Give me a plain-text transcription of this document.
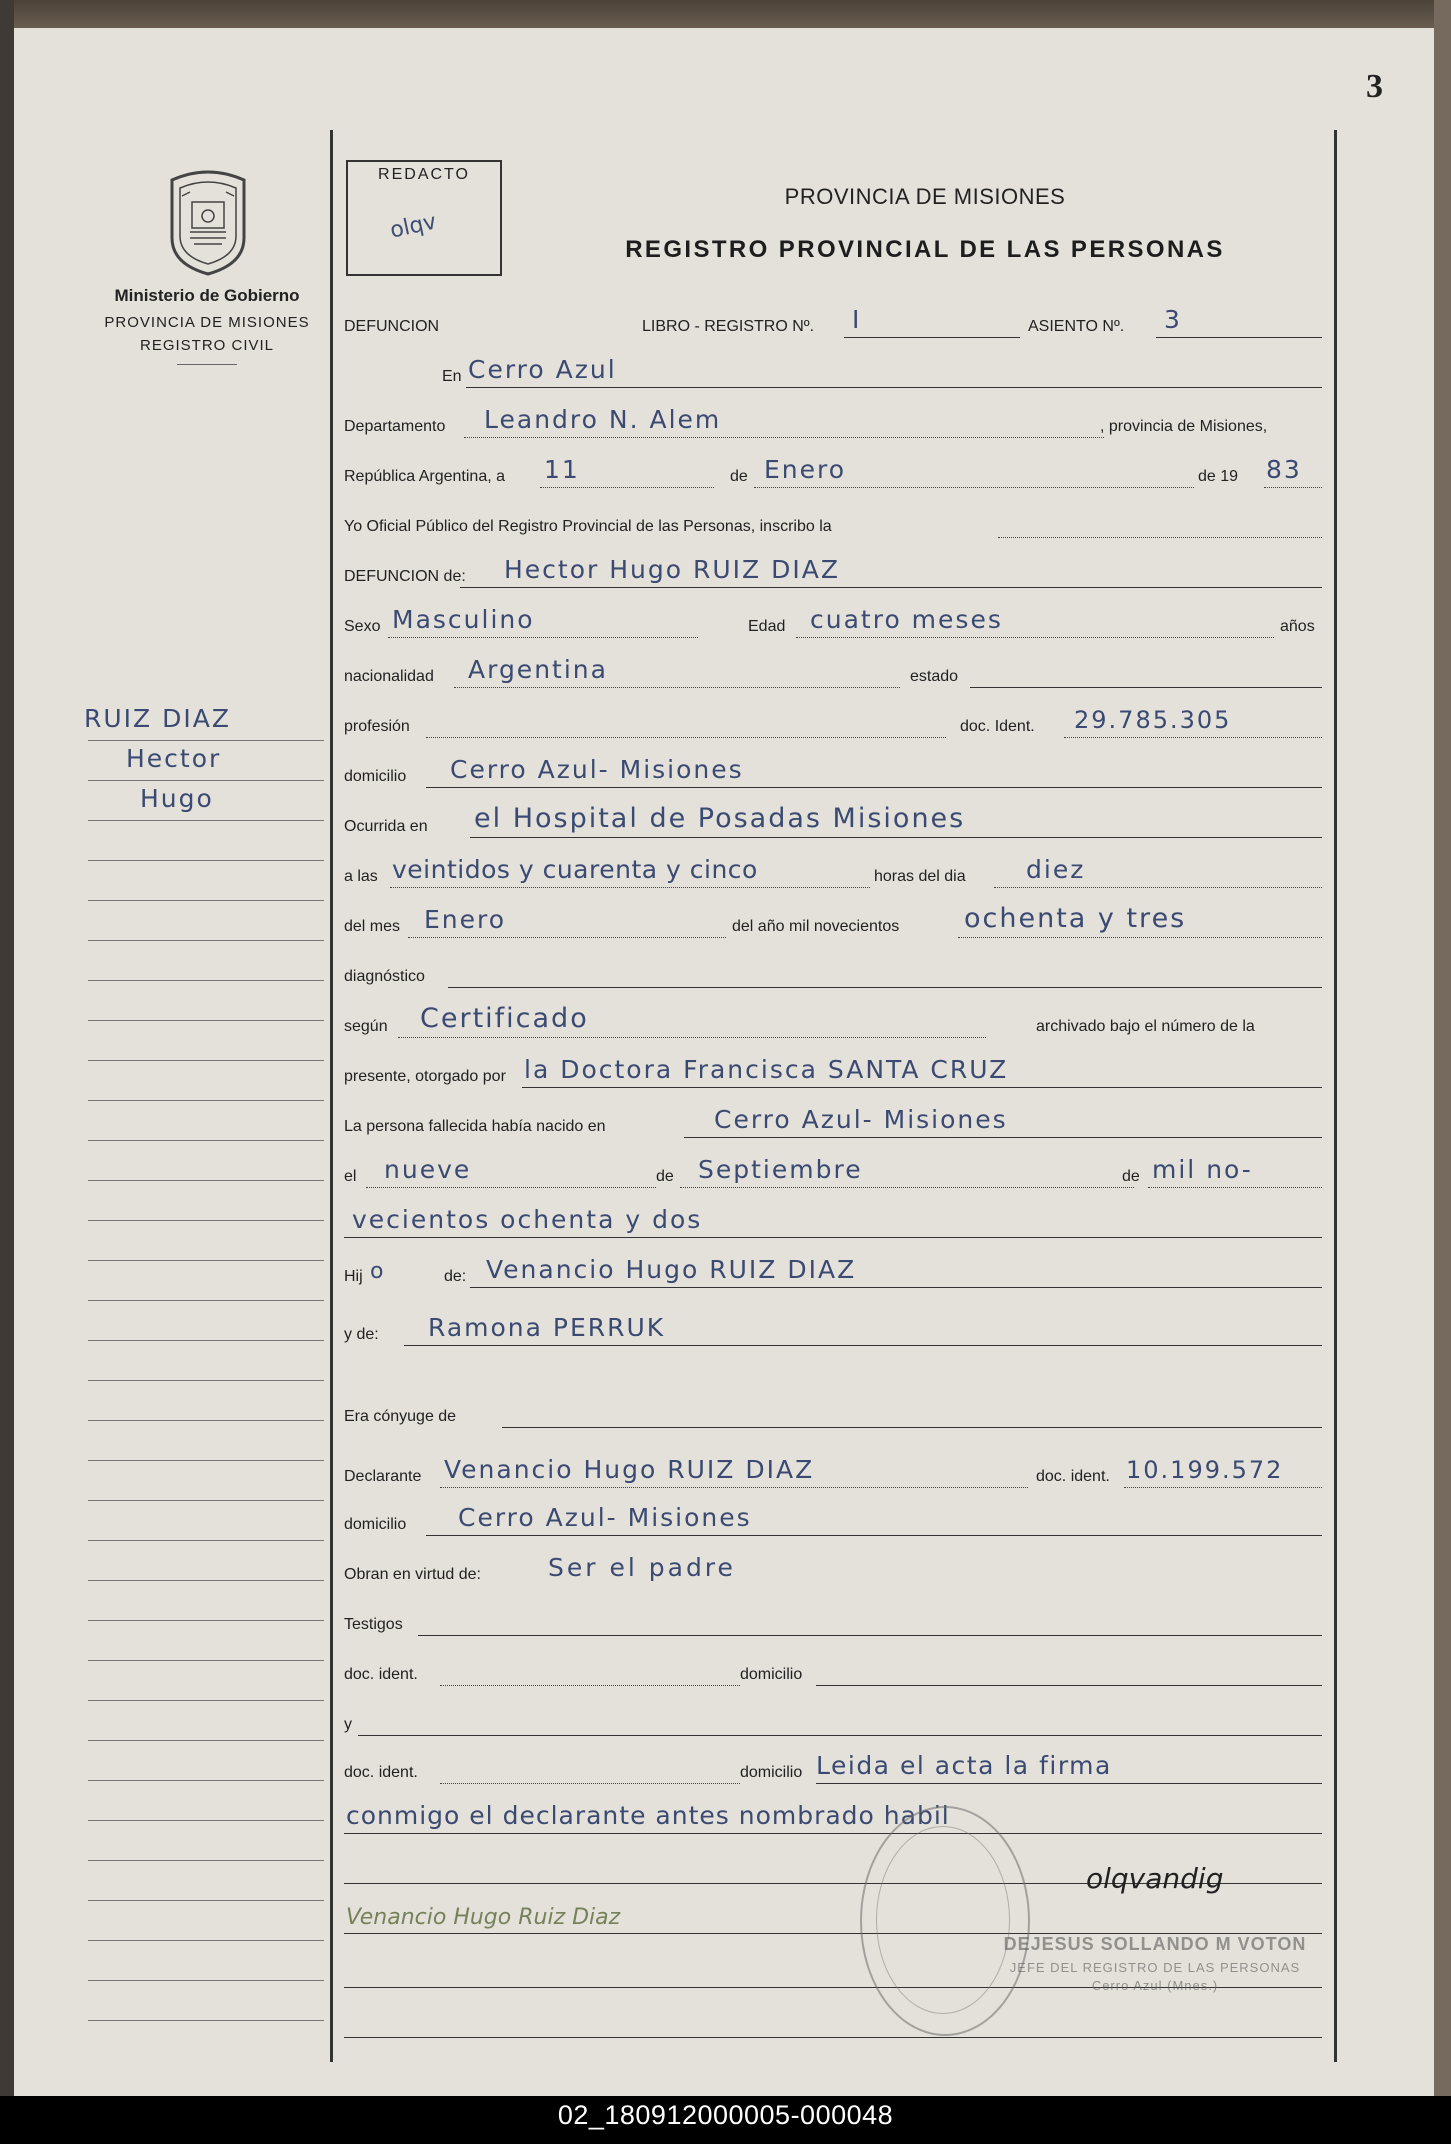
3
Ministerio de Gobierno
PROVINCIA DE MISIONES
REGISTRO CIVIL
REDACTO
olqv
PROVINCIA DE MISIONES
REGISTRO PROVINCIAL DE LAS PERSONAS
DEFUNCION	LIBRO - REGISTRO Nº. I	ASIENTO Nº. 3
En Cerro Azul
Departamento Leandro N. Alem	, provincia de Misiones,
República Argentina, a 11	de Enero	de 19 83
Yo Oficial Público del Registro Provincial de las Personas, inscribo la
DEFUNCION de: Hector Hugo RUIZ DIAZ
Sexo Masculino	Edad cuatro meses	años
nacionalidad Argentina	estado
profesión	doc. Ident. 29.785.305
domicilio Cerro Azul- Misiones
Ocurrida en el Hospital de Posadas Misiones
a las veintidos y cuarenta y cinco	horas del dia diez
del mes Enero	del año mil novecientos ochenta y tres
diagnóstico
según Certificado	archivado bajo el número de la
presente, otorgado por la Doctora Francisca SANTA CRUZ
La persona fallecida había nacido en	Cerro Azul- Misiones
el nueve	de Septiembre	de mil no-
vecientos ochenta y dos
Hij o	de: Venancio Hugo RUIZ DIAZ
y de: Ramona PERRUK
Era cónyuge de
Declarante Venancio Hugo RUIZ DIAZ	doc. ident. 10.199.572
domicilio Cerro Azul- Misiones
Obran en virtud de:	Ser el padre
Testigos
doc. ident.	domicilio
y
doc. ident.	domicilio Leida el acta la firma
conmigo el declarante antes nombrado habil
Venancio Hugo Ruiz Diaz
olqvandig
DEJESUS SOLLANDO M VOTON
JEFE DEL REGISTRO DE LAS PERSONAS
Cerro Azul (Mnes.)
RUIZ DIAZ
Hector
Hugo
02_180912000005-000048
